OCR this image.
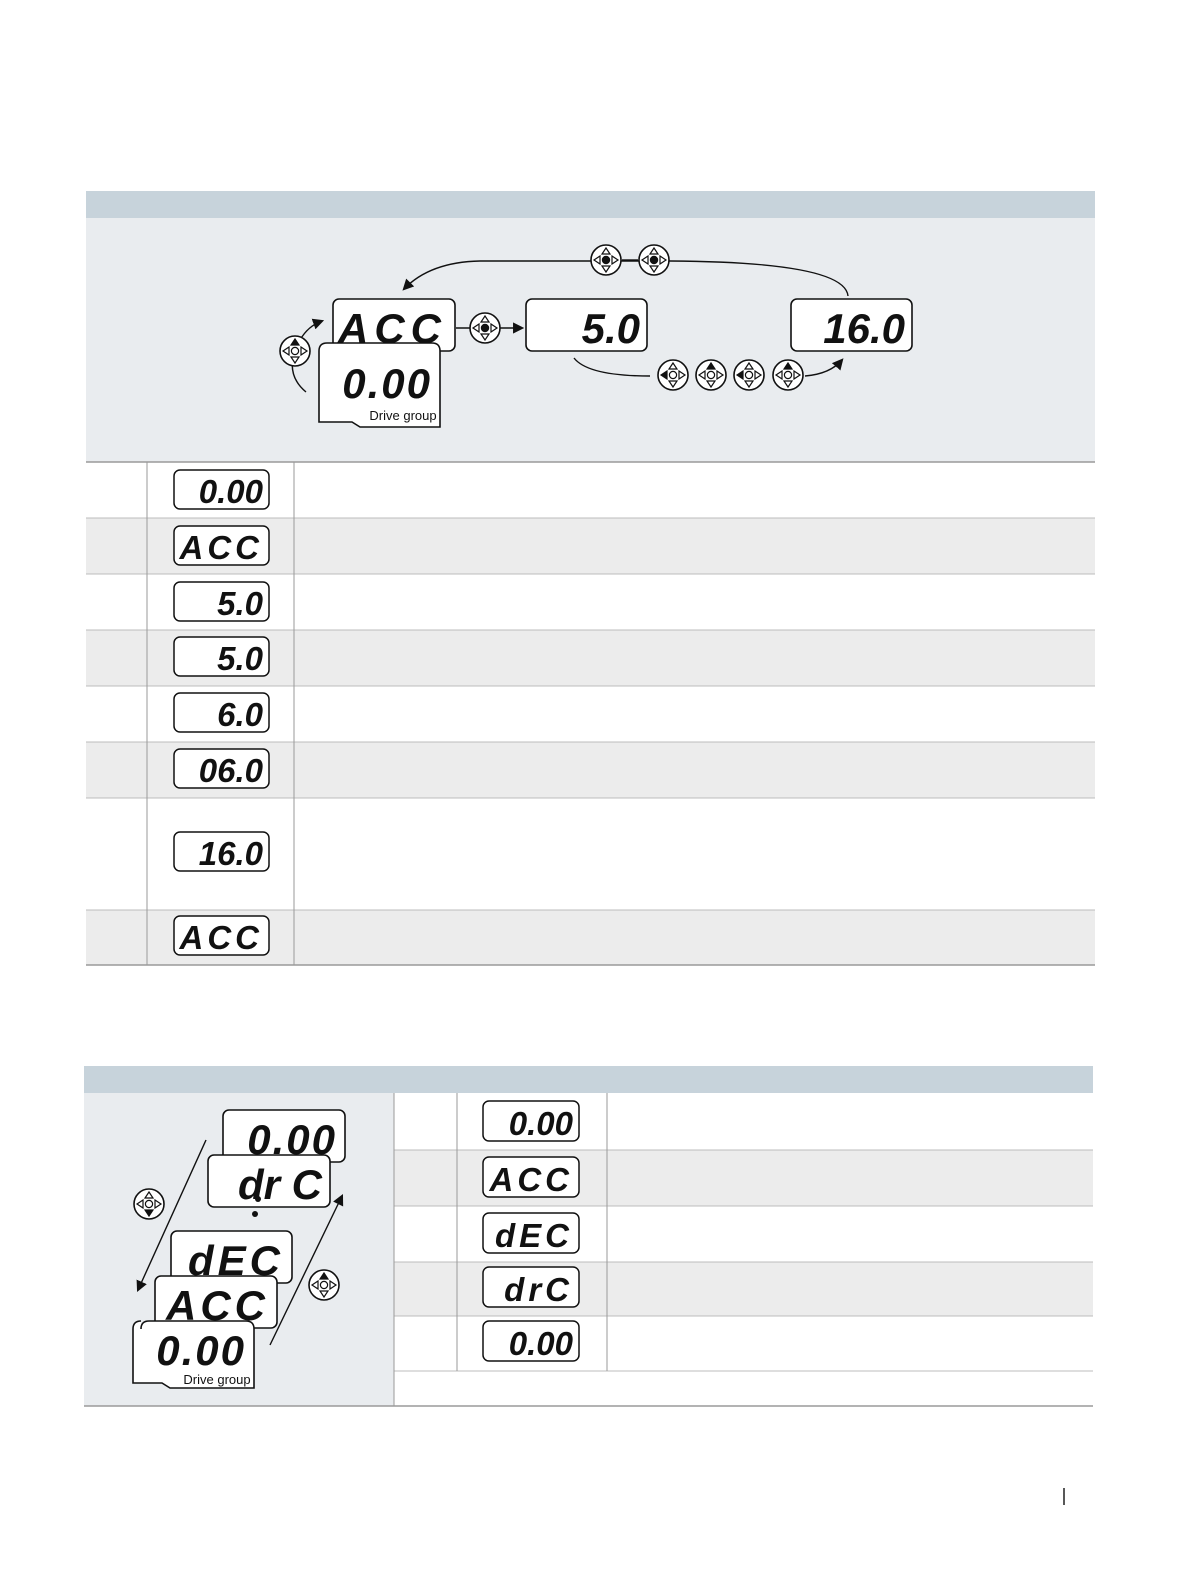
ACC
0.00
5.0	16.0
0.00
ACC
5.0
5.0
6.0
06.0
16.0
ACC
0.00
dr C
dEC
ACC
0.00
0.00
ACC
dEC
drC
0.00
Drive group
Drive group
